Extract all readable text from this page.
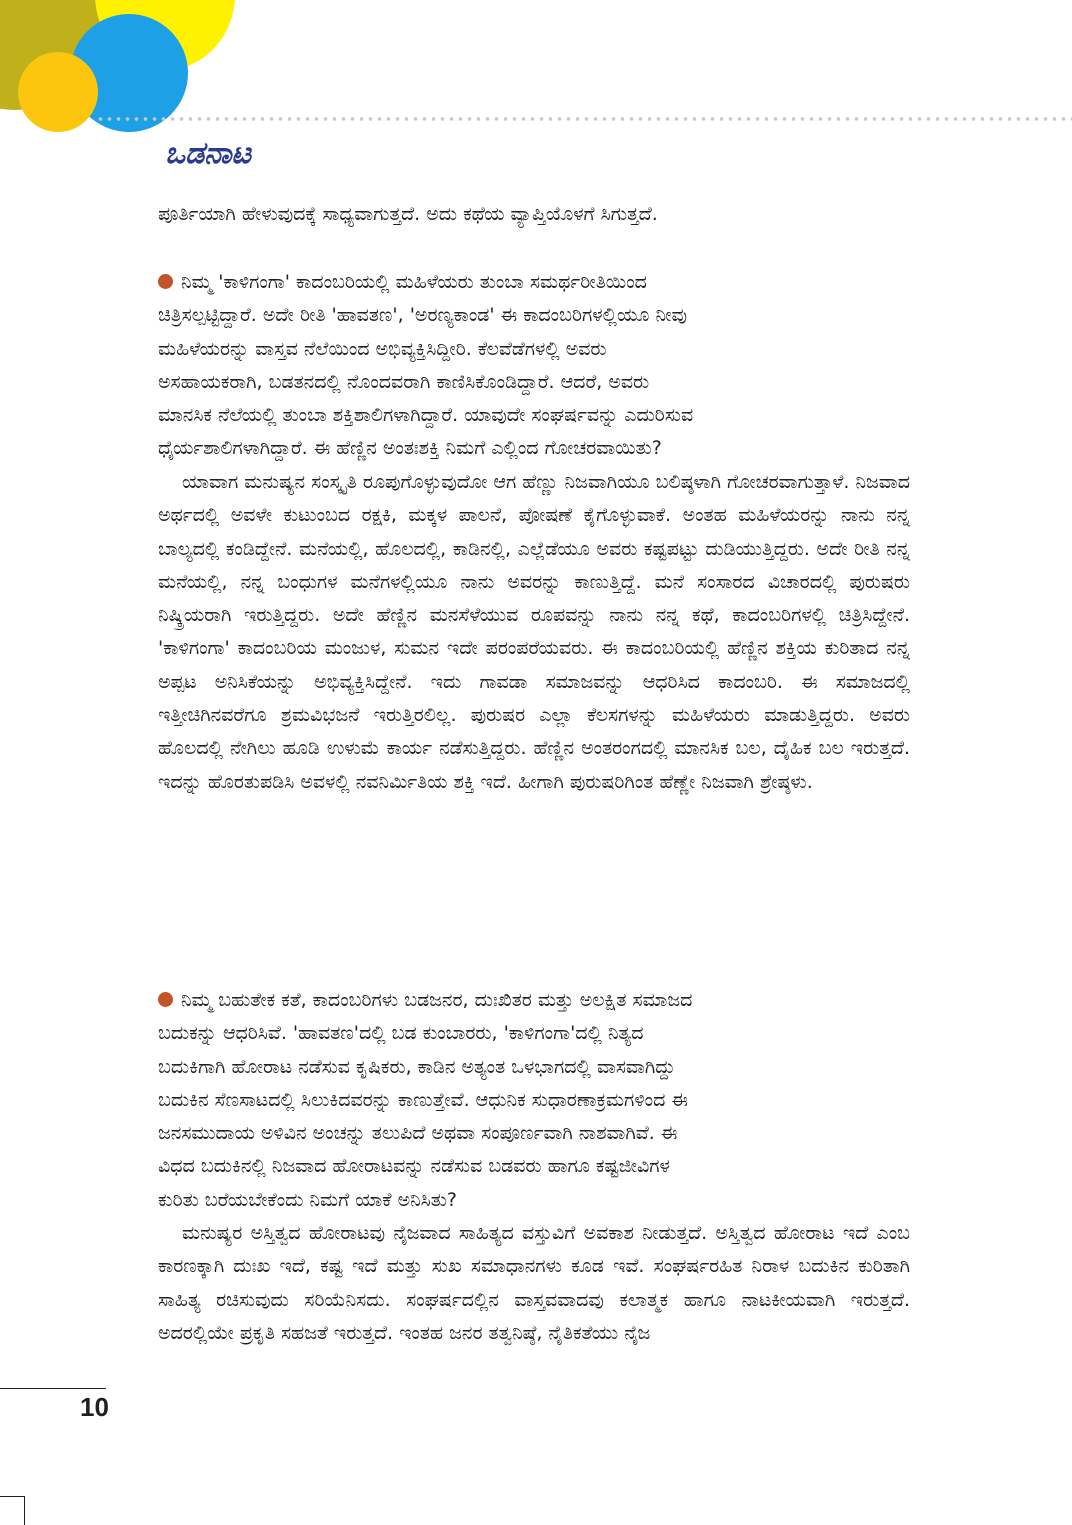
ಒಡನಾಟ

ಪೂರ್ತಿಯಾಗಿ ಹೇಳುವುದಕ್ಕೆ ಸಾಧ್ಯವಾಗುತ್ತದೆ. ಅದು ಕಥೆಯ ವ್ಯಾಪ್ತಿಯೊಳಗೆ ಸಿಗುತ್ತದೆ.

ನಿಮ್ಮ 'ಕಾಳಿಗಂಗಾ' ಕಾದಂಬರಿಯಲ್ಲಿ ಮಹಿಳೆಯರು ತುಂಬಾ ಸಮರ್ಥರೀತಿಯಿಂದ
ಚಿತ್ರಿಸಲ್ಪಟ್ಟಿದ್ದಾರೆ. ಅದೇ ರೀತಿ 'ಹಾವತಣ', 'ಅರಣ್ಯಕಾಂಡ' ಈ ಕಾದಂಬರಿಗಳಲ್ಲಿಯೂ ನೀವು
ಮಹಿಳೆಯರನ್ನು ವಾಸ್ತವ ನೆಲೆಯಿಂದ ಅಭಿವ್ಯಕ್ತಿಸಿದ್ದೀರಿ. ಕೆಲವೆಡೆಗಳಲ್ಲಿ ಅವರು
ಅಸಹಾಯಕರಾಗಿ, ಬಡತನದಲ್ಲಿ ನೊಂದವರಾಗಿ ಕಾಣಿಸಿಕೊಂಡಿದ್ದಾರೆ. ಆದರೆ, ಅವರು
ಮಾನಸಿಕ ನೆಲೆಯಲ್ಲಿ ತುಂಬಾ ಶಕ್ತಿಶಾಲಿಗಳಾಗಿದ್ದಾರೆ. ಯಾವುದೇ ಸಂಘರ್ಷವನ್ನು ಎದುರಿಸುವ
ಧೈರ್ಯಶಾಲಿಗಳಾಗಿದ್ದಾರೆ. ಈ ಹೆಣ್ಣಿನ ಅಂತಃಶಕ್ತಿ ನಿಮಗೆ ಎಲ್ಲಿಂದ ಗೋಚರವಾಯಿತು?

ಯಾವಾಗ ಮನುಷ್ಯನ ಸಂಸ್ಕೃತಿ ರೂಪುಗೊಳ್ಳುವುದೋ ಆಗ ಹೆಣ್ಣು ನಿಜವಾಗಿಯೂ ಬಲಿಷ್ಠಳಾಗಿ ಗೋಚರವಾಗುತ್ತಾಳೆ. ನಿಜವಾದ ಅರ್ಥದಲ್ಲಿ ಅವಳೇ ಕುಟುಂಬದ ರಕ್ಷಕಿ, ಮಕ್ಕಳ ಪಾಲನೆ, ಪೋಷಣೆ ಕೈಗೊಳ್ಳುವಾಕೆ. ಅಂತಹ ಮಹಿಳೆಯರನ್ನು ನಾನು ನನ್ನ ಬಾಲ್ಯದಲ್ಲಿ ಕಂಡಿದ್ದೇನೆ. ಮನೆಯಲ್ಲಿ, ಹೊಲದಲ್ಲಿ, ಕಾಡಿನಲ್ಲಿ, ಎಲ್ಲೆಡೆಯೂ ಅವರು ಕಷ್ಟಪಟ್ಟು ದುಡಿಯುತ್ತಿದ್ದರು. ಅದೇ ರೀತಿ ನನ್ನ ಮನೆಯಲ್ಲಿ, ನನ್ನ ಬಂಧುಗಳ ಮನೆಗಳಲ್ಲಿಯೂ ನಾನು ಅವರನ್ನು ಕಾಣುತ್ತಿದ್ದೆ. ಮನೆ ಸಂಸಾರದ ವಿಚಾರದಲ್ಲಿ ಪುರುಷರು ನಿಷ್ಕ್ರಿಯರಾಗಿ ಇರುತ್ತಿದ್ದರು. ಅದೇ ಹೆಣ್ಣಿನ ಮನಸೆಳೆಯುವ ರೂಪವನ್ನು ನಾನು ನನ್ನ ಕಥೆ, ಕಾದಂಬರಿಗಳಲ್ಲಿ ಚಿತ್ರಿಸಿದ್ದೇನೆ. 'ಕಾಳಿಗಂಗಾ' ಕಾದಂಬರಿಯ ಮಂಜುಳ, ಸುಮನ ಇದೇ ಪರಂಪರೆಯವರು. ಈ ಕಾದಂಬರಿಯಲ್ಲಿ ಹೆಣ್ಣಿನ ಶಕ್ತಿಯ ಕುರಿತಾದ ನನ್ನ ಅಪ್ಪಟ ಅನಿಸಿಕೆಯನ್ನು ಅಭಿವ್ಯಕ್ತಿಸಿದ್ದೇನೆ. ಇದು ಗಾವಡಾ ಸಮಾಜವನ್ನು ಆಧರಿಸಿದ ಕಾದಂಬರಿ. ಈ ಸಮಾಜದಲ್ಲಿ ಇತ್ತೀಚಿಗಿನವರೆಗೂ ಶ್ರಮವಿಭಜನೆ ಇರುತ್ತಿರಲಿಲ್ಲ. ಪುರುಷರ ಎಲ್ಲಾ ಕೆಲಸಗಳನ್ನು ಮಹಿಳೆಯರು ಮಾಡುತ್ತಿದ್ದರು. ಅವರು ಹೊಲದಲ್ಲಿ ನೇಗಿಲು ಹೂಡಿ ಉಳುಮೆ ಕಾರ್ಯ ನಡೆಸುತ್ತಿದ್ದರು. ಹೆಣ್ಣಿನ ಅಂತರಂಗದಲ್ಲಿ ಮಾನಸಿಕ ಬಲ, ದೈಹಿಕ ಬಲ ಇರುತ್ತದೆ. ಇದನ್ನು ಹೊರತುಪಡಿಸಿ ಅವಳಲ್ಲಿ ನವನಿರ್ಮಿತಿಯ ಶಕ್ತಿ ಇದೆ. ಹೀಗಾಗಿ ಪುರುಷರಿಗಿಂತ ಹೆಣ್ಣೇ ನಿಜವಾಗಿ ಶ್ರೇಷ್ಠಳು.

ನಿಮ್ಮ ಬಹುತೇಕ ಕತೆ, ಕಾದಂಬರಿಗಳು ಬಡಜನರ, ದುಃಖಿತರ ಮತ್ತು ಅಲಕ್ಷಿತ ಸಮಾಜದ
ಬದುಕನ್ನು ಆಧರಿಸಿವೆ. 'ಹಾವತಣ'ದಲ್ಲಿ ಬಡ ಕುಂಬಾರರು, 'ಕಾಳಿಗಂಗಾ'ದಲ್ಲಿ ನಿತ್ಯದ
ಬದುಕಿಗಾಗಿ ಹೋರಾಟ ನಡೆಸುವ ಕೃಷಿಕರು, ಕಾಡಿನ ಅತ್ಯಂತ ಒಳಭಾಗದಲ್ಲಿ ವಾಸವಾಗಿದ್ದು
ಬದುಕಿನ ಸೆಣಸಾಟದಲ್ಲಿ ಸಿಲುಕಿದವರನ್ನು ಕಾಣುತ್ತೇವೆ. ಆಧುನಿಕ ಸುಧಾರಣಾಕ್ರಮಗಳಿಂದ ಈ
ಜನಸಮುದಾಯ ಅಳಿವಿನ ಅಂಚನ್ನು ತಲುಪಿದೆ ಅಥವಾ ಸಂಪೂರ್ಣವಾಗಿ ನಾಶವಾಗಿವೆ. ಈ
ವಿಧದ ಬದುಕಿನಲ್ಲಿ ನಿಜವಾದ ಹೋರಾಟವನ್ನು ನಡೆಸುವ ಬಡವರು ಹಾಗೂ ಕಷ್ಟಜೀವಿಗಳ
ಕುರಿತು ಬರೆಯಬೇಕೆಂದು ನಿಮಗೆ ಯಾಕೆ ಅನಿಸಿತು?

ಮನುಷ್ಯರ ಅಸ್ತಿತ್ವದ ಹೋರಾಟವು ನೈಜವಾದ ಸಾಹಿತ್ಯದ ವಸ್ತುವಿಗೆ ಅವಕಾಶ ನೀಡುತ್ತದೆ. ಅಸ್ತಿತ್ವದ ಹೋರಾಟ ಇದೆ ಎಂಬ ಕಾರಣಕ್ಕಾಗಿ ದುಃಖ ಇದೆ, ಕಷ್ಟ ಇದೆ ಮತ್ತು ಸುಖ ಸಮಾಧಾನಗಳು ಕೂಡ ಇವೆ. ಸಂಘರ್ಷರಹಿತ ನಿರಾಳ ಬದುಕಿನ ಕುರಿತಾಗಿ ಸಾಹಿತ್ಯ ರಚಿಸುವುದು ಸರಿಯೆನಿಸದು. ಸಂಘರ್ಷದಲ್ಲಿನ ವಾಸ್ತವವಾದವು ಕಲಾತ್ಮಕ ಹಾಗೂ ನಾಟಕೀಯವಾಗಿ ಇರುತ್ತದೆ. ಅದರಲ್ಲಿಯೇ ಪ್ರಕೃತಿ ಸಹಜತೆ ಇರುತ್ತದೆ. ಇಂತಹ ಜನರ ತತ್ವನಿಷ್ಠೆ, ನೈತಿಕತೆಯು ನೈಜ

10
